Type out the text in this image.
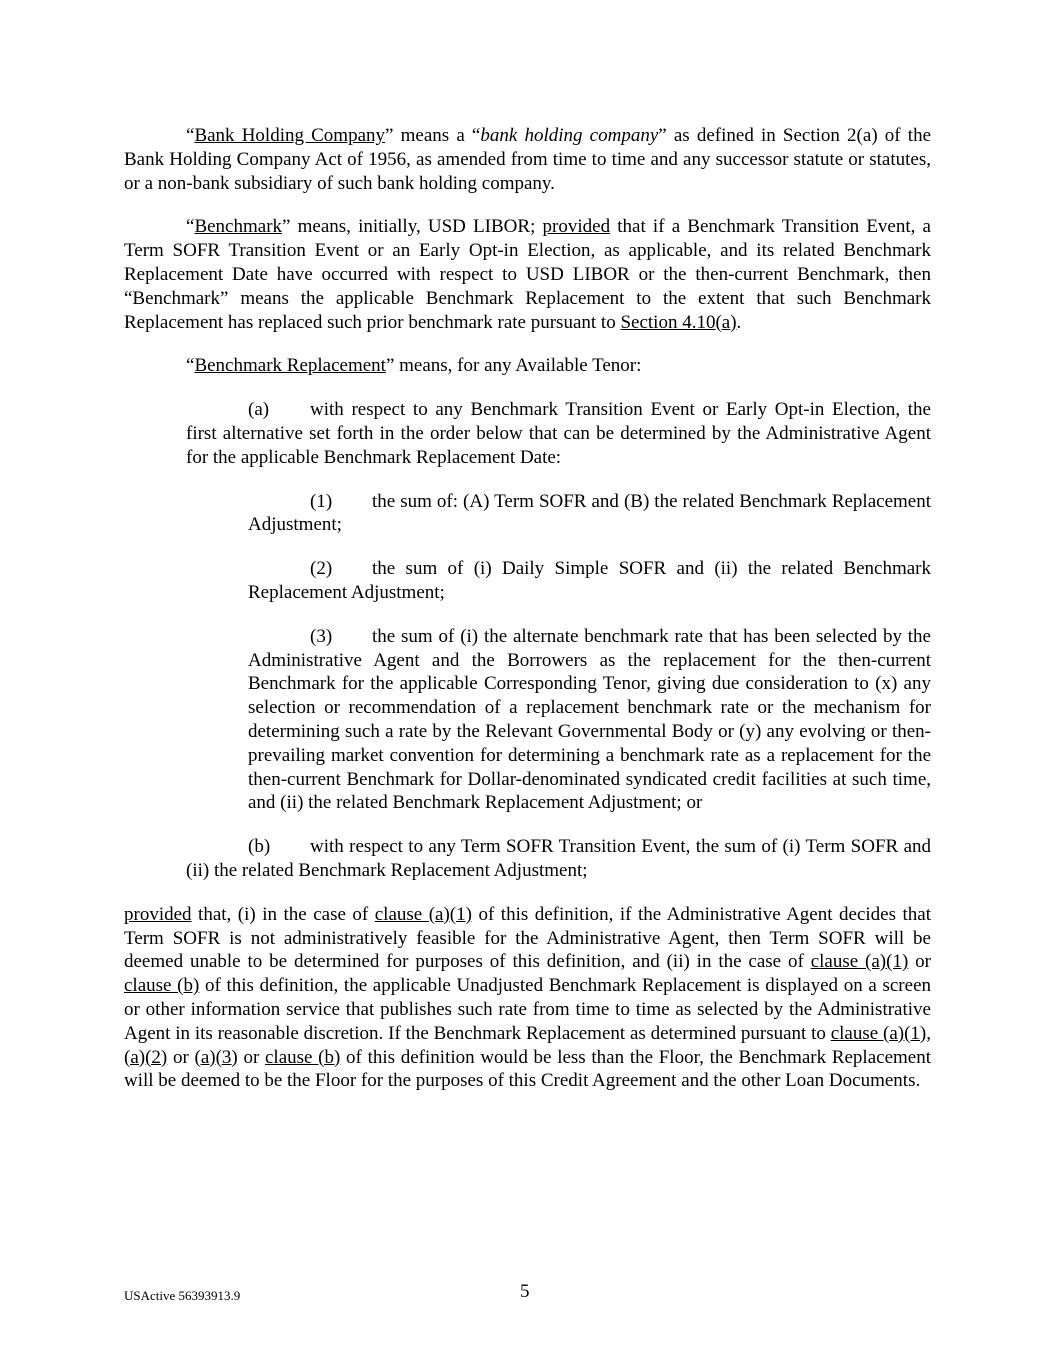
“Bank Holding Company” means a “bank holding company” as defined in Section 2(a) of the Bank Holding Company Act of 1956, as amended from time to time and any successor statute or statutes, or a non-bank subsidiary of such bank holding company.

“Benchmark” means, initially, USD LIBOR; provided that if a Benchmark Transition Event, a Term SOFR Transition Event or an Early Opt-in Election, as applicable, and its related Benchmark Replacement Date have occurred with respect to USD LIBOR or the then-current Benchmark, then “Benchmark” means the applicable Benchmark Replacement to the extent that such Benchmark Replacement has replaced such prior benchmark rate pursuant to Section 4.10(a).

“Benchmark Replacement” means, for any Available Tenor:

(a) with respect to any Benchmark Transition Event or Early Opt-in Election, the first alternative set forth in the order below that can be determined by the Administrative Agent for the applicable Benchmark Replacement Date:

(1) the sum of: (A) Term SOFR and (B) the related Benchmark Replacement Adjustment;

(2) the sum of (i) Daily Simple SOFR and (ii) the related Benchmark Replacement Adjustment;

(3) the sum of (i) the alternate benchmark rate that has been selected by the Administrative Agent and the Borrowers as the replacement for the then-current Benchmark for the applicable Corresponding Tenor, giving due consideration to (x) any selection or recommendation of a replacement benchmark rate or the mechanism for determining such a rate by the Relevant Governmental Body or (y) any evolving or then-prevailing market convention for determining a benchmark rate as a replacement for the then-current Benchmark for Dollar-denominated syndicated credit facilities at such time, and (ii) the related Benchmark Replacement Adjustment; or

(b) with respect to any Term SOFR Transition Event, the sum of (i) Term SOFR and (ii) the related Benchmark Replacement Adjustment;

provided that, (i) in the case of clause (a)(1) of this definition, if the Administrative Agent decides that Term SOFR is not administratively feasible for the Administrative Agent, then Term SOFR will be deemed unable to be determined for purposes of this definition, and (ii) in the case of clause (a)(1) or clause (b) of this definition, the applicable Unadjusted Benchmark Replacement is displayed on a screen or other information service that publishes such rate from time to time as selected by the Administrative Agent in its reasonable discretion. If the Benchmark Replacement as determined pursuant to clause (a)(1), (a)(2) or (a)(3) or clause (b) of this definition would be less than the Floor, the Benchmark Replacement will be deemed to be the Floor for the purposes of this Credit Agreement and the other Loan Documents.

USActive 56393913.9	5
